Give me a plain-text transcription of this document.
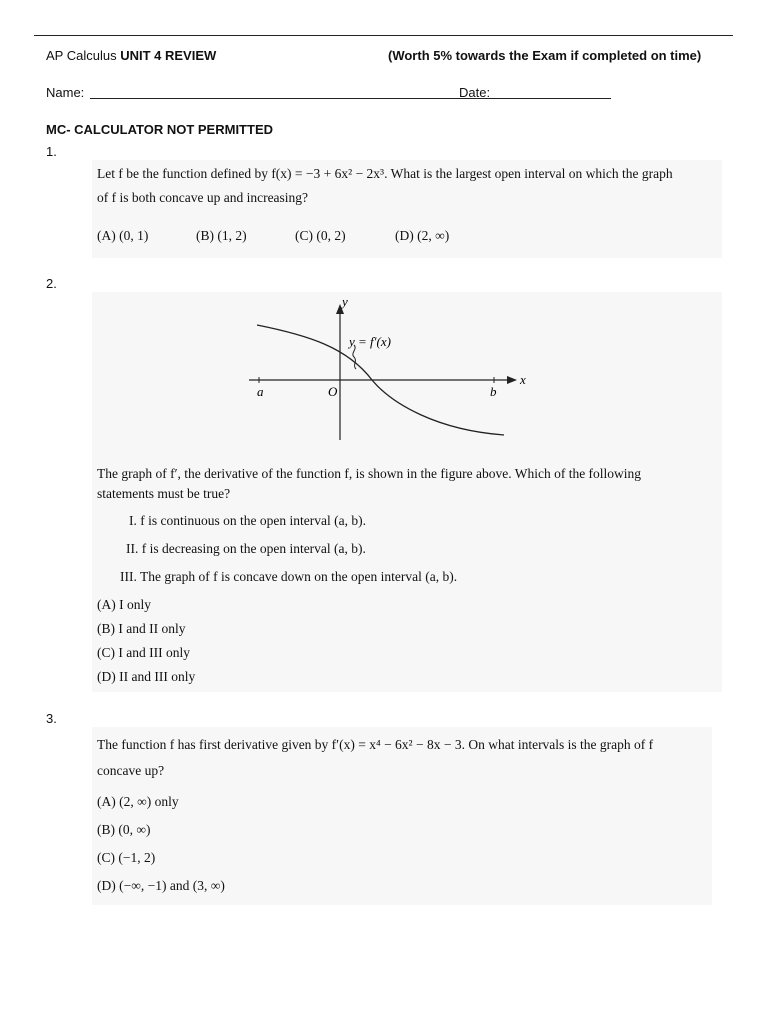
AP Calculus UNIT 4 REVIEW	(Worth 5% towards the Exam if completed on time)
Name:	Date:
MC- CALCULATOR NOT PERMITTED
1.
Let f be the function defined by f(x) = −3 + 6x² − 2x³. What is the largest open interval on which the graph
of f is both concave up and increasing?
(A) (0, 1)	(B) (1, 2)	(C) (0, 2)	(D) (2, ∞)
2.
y
x
y = f′(x)
O
a	b
The graph of f′, the derivative of the function f, is shown in the figure above. Which of the following
statements must be true?
I. f is continuous on the open interval (a, b).
II. f is decreasing on the open interval (a, b).
III. The graph of f is concave down on the open interval (a, b).
(A) I only
(B) I and II only
(C) I and III only
(D) II and III only
3.
The function f has first derivative given by f′(x) = x⁴ − 6x² − 8x − 3. On what intervals is the graph of f
concave up?
(A) (2, ∞) only
(B) (0, ∞)
(C) (−1, 2)
(D) (−∞, −1) and (3, ∞)
